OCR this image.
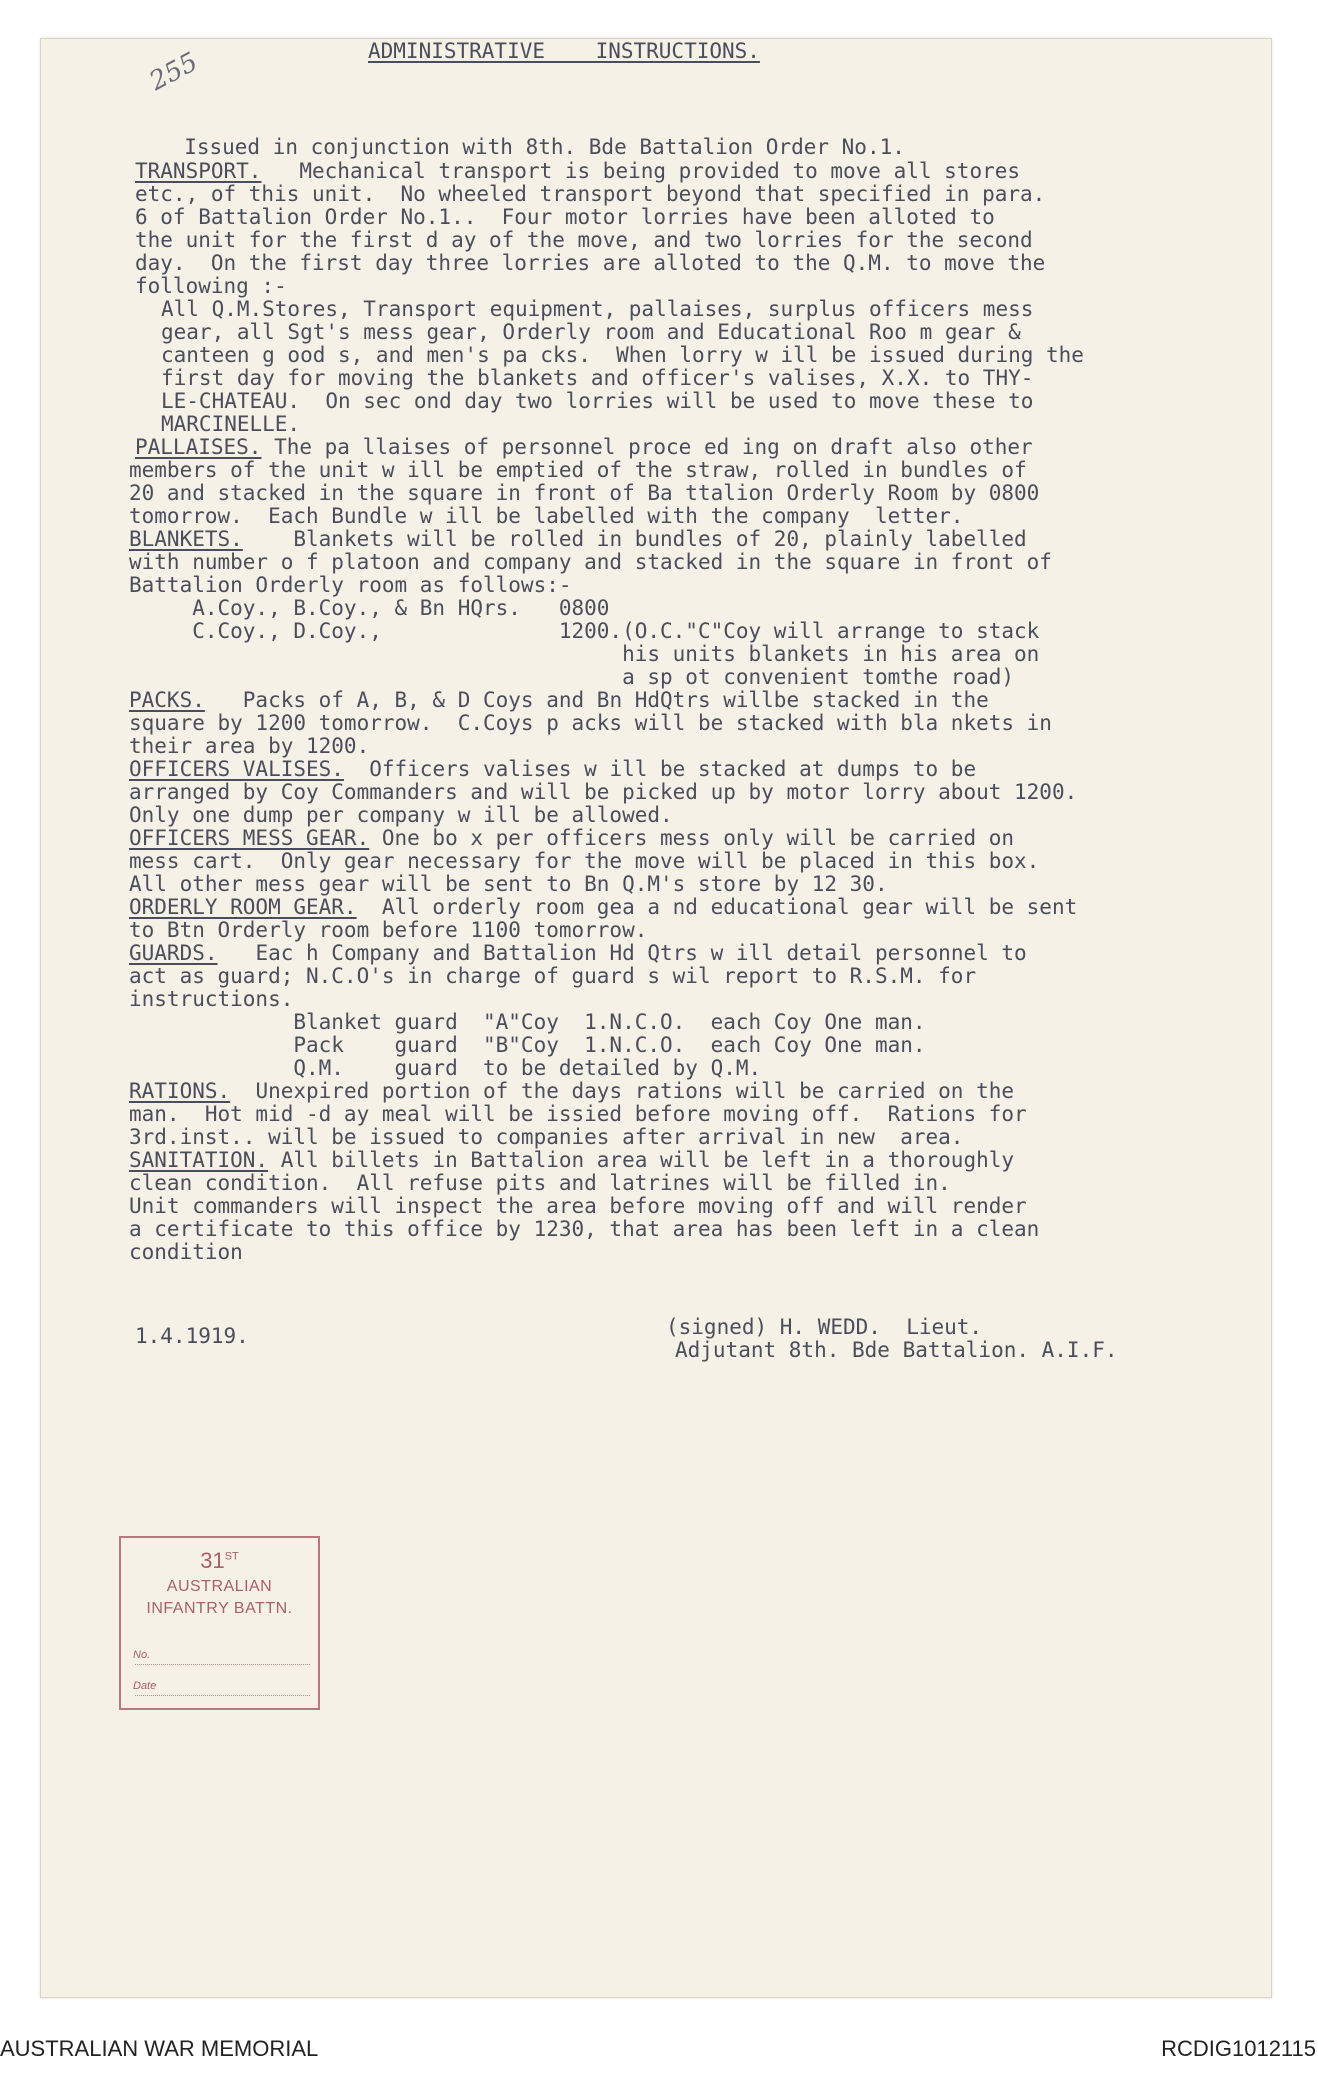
255

	ADMINISTRATIVE    INSTRUCTIONS.

Issued in conjunction with 8th. Bde Battalion Order No.1.
TRANSPORT.   Mechanical transport is being provided to move all stores
etc., of this unit.  No wheeled transport beyond that specified in para.
6 of Battalion Order No.1..  Four motor lorries have been alloted to
the unit for the first d ay of the move, and two lorries for the second
day.  On the first day three lorries are alloted to the Q.M. to move the
following :-
All Q.M.Stores, Transport equipment, pallaises, surplus officers mess
gear, all Sgt's mess gear, Orderly room and Educational Roo m gear &
canteen g ood s, and men's pa cks.  When lorry w ill be issued during the
first day for moving the blankets and officer's valises, X.X. to THY-
LE-CHATEAU.  On sec ond day two lorries will be used to move these to
MARCINELLE.
PALLAISES. The pa llaises of personnel proce ed ing on draft also other
members of the unit w ill be emptied of the straw, rolled in bundles of
20 and stacked in the square in front of Ba ttalion Orderly Room by 0800
tomorrow.  Each Bundle w ill be labelled with the company  letter.
BLANKETS.    Blankets will be rolled in bundles of 20, plainly labelled
with number o f platoon and company and stacked in the square in front of
Battalion Orderly room as follows:-
A.Coy., B.Coy., & Bn HQrs.   0800
C.Coy., D.Coy.,              1200.(O.C."C"Coy will arrange to stack
his units blankets in his area on
a sp ot convenient tomthe road)
PACKS.   Packs of A, B, & D Coys and Bn HdQtrs willbe stacked in the
square by 1200 tomorrow.  C.Coys p acks will be stacked with bla nkets in
their area by 1200.
OFFICERS VALISES.  Officers valises w ill be stacked at dumps to be
arranged by Coy Commanders and will be picked up by motor lorry about 1200.
Only one dump per company w ill be allowed.
OFFICERS MESS GEAR. One bo x per officers mess only will be carried on
mess cart.  Only gear necessary for the move will be placed in this box.
All other mess gear will be sent to Bn Q.M's store by 12 30.
ORDERLY ROOM GEAR.  All orderly room gea a nd educational gear will be sent
to Btn Orderly room before 1100 tomorrow.
GUARDS.   Eac h Company and Battalion Hd Qtrs w ill detail personnel to
act as guard; N.C.O's in charge of guard s wil report to R.S.M. for
instructions.
Blanket guard  "A"Coy  1.N.C.O.  each Coy One man.
Pack    guard  "B"Coy  1.N.C.O.  each Coy One man.
Q.M.    guard  to be detailed by Q.M.
RATIONS.  Unexpired portion of the days rations will be carried on the
man.  Hot mid -d ay meal will be issied before moving off.  Rations for
3rd.inst.. will be issued to companies after arrival in new  area.
SANITATION. All billets in Battalion area will be left in a thoroughly
clean condition.  All refuse pits and latrines will be filled in.
Unit commanders will inspect the area before moving off and will render
a certificate to this office by 1230, that area has been left in a clean
condition
1.4.1919.	(signed) H. WEDD.  Lieut.
Adjutant 8th. Bde Battalion. A.I.F.
31ST
AUSTRALIAN
INFANTRY BATTN.
No.
Date
AUSTRALIAN WAR MEMORIAL	RCDIG1012115
